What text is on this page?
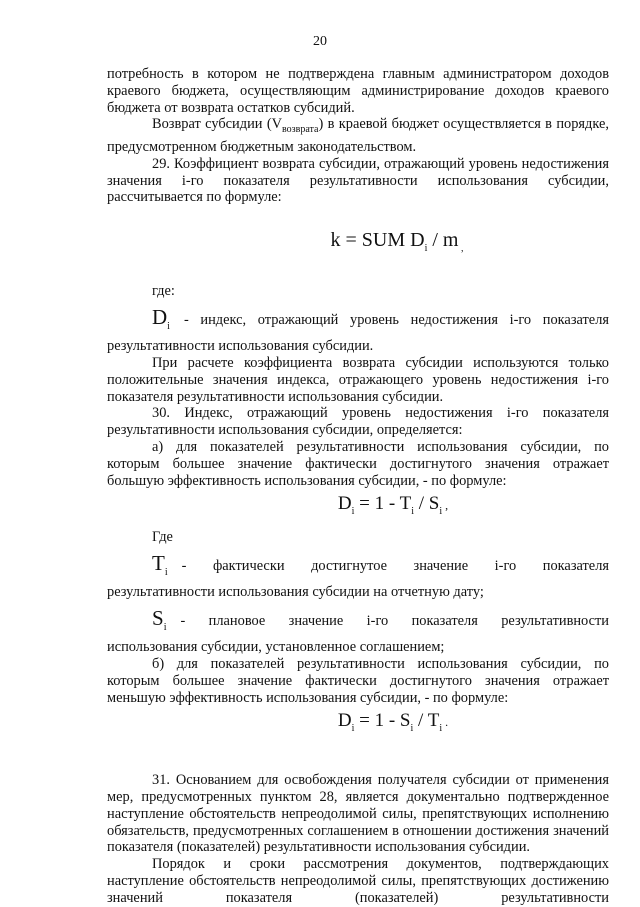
20

потребность в котором не подтверждена главным администратором доходов краевого бюджета, осуществляющим администрирование доходов краевого бюджета от возврата остатков субсидий.

Возврат субсидии $(V_{возврата})$ в краевой бюджет осуществляется в порядке, предусмотренном бюджетным законодательством.

29. Коэффициент возврата субсидии, отражающий уровень недостижения значения i-го показателя результативности использования субсидии, рассчитывается по формуле:

k = SUM $D_i$ / m $_,$

где:

$D_i$ - индекс, отражающий уровень недостижения i-го показателя

результативности использования субсидии.

При расчете коэффициента возврата субсидии используются только положительные значения индекса, отражающего уровень недостижения i-го показателя результативности использования субсидии.

30. Индекс, отражающий уровень недостижения i-го показателя результативности использования субсидии, определяется:

а) для показателей результативности использования субсидии, по которым большее значение фактически достигнутого значения отражает большую эффективность использования субсидии, - по формуле:

$D_i = 1 - T_i / S_i$ ,

Где

$T_i$ - фактически достигнутое значение i-го показателя

результативности использования субсидии на отчетную дату;

$S_i$ - плановое значение i-го показателя результативности

использования субсидии, установленное соглашением;

б) для показателей результативности использования субсидии, по которым большее значение фактически достигнутого значения отражает меньшую эффективность использования субсидии, - по формуле:

$D_i = 1 - S_i / T_i$ .

31. Основанием для освобождения получателя субсидии от применения мер, предусмотренных пунктом 28, является документально подтвержденное наступление обстоятельств непреодолимой силы, препятствующих исполнению обязательств, предусмотренных соглашением в отношении достижения значений показателя (показателей) результативности использования субсидии.

Порядок и сроки рассмотрения документов, подтверждающих наступление обстоятельств непреодолимой силы, препятствующих достижению значений показателя (показателей) результативности
